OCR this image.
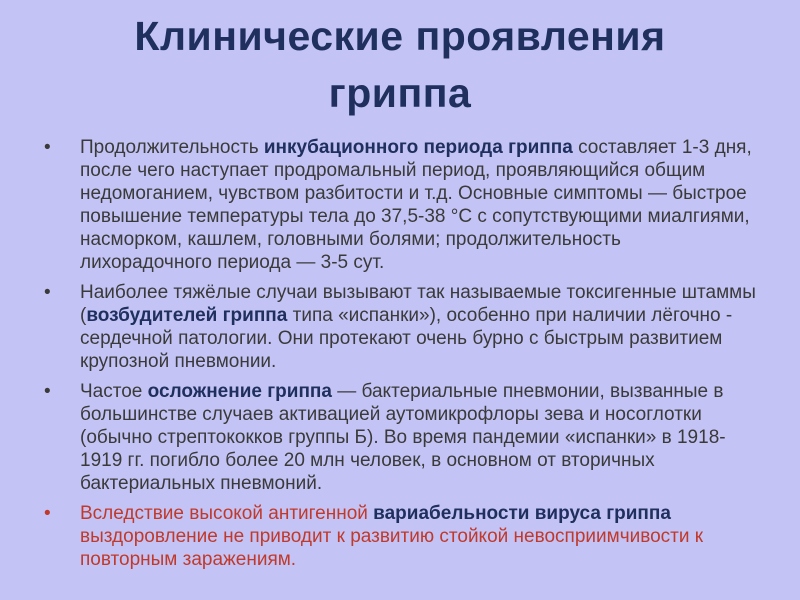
Клинические проявления
гриппа
• Продолжительность инкубационного периода гриппа составляет 1-3 дня, после чего наступает продромальный период, проявляющийся общим недомоганием, чувством разбитости и т.д. Основные симптомы — быстрое повышение температуры тела до 37,5-38 °С с сопутствующими миалгиями, насморком, кашлем, головными болями; продолжительность лихорадочного периода — 3-5 сут.
• Наиболее тяжёлые случаи вызывают так называемые токсигенные штаммы (возбудителей гриппа типа «испанки»), особенно при наличии лёгочно - сердечной патологии. Они протекают очень бурно с быстрым развитием крупозной пневмонии.
• Частое осложнение гриппа — бактериальные пневмонии, вызванные в большинстве случаев активацией аутомикрофлоры зева и носоглотки (обычно стрептококков группы Б). Во время пандемии «испанки» в 1918-1919 гг. погибло более 20 млн человек, в основном от вторичных бактериальных пневмоний.
• Вследствие высокой антигенной вариабельности вируса гриппа выздоровление не приводит к развитию стойкой невосприимчивости к повторным заражениям.
